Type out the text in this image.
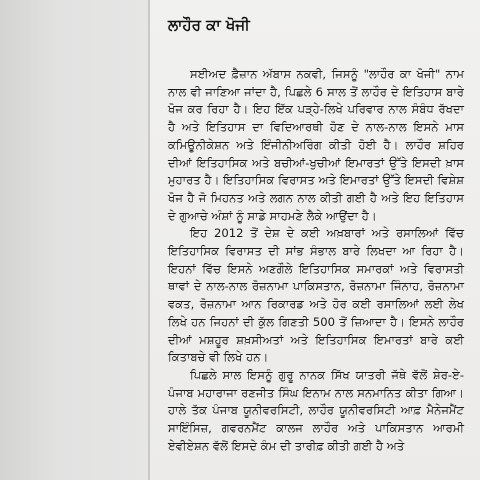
ਲਾਹੌਰ ਕਾ ਖੋਜੀ

ਸਈਅਦ ਫ਼ੈਜ਼ਾਨ ਅੱਬਾਸ ਨਕਵੀ, ਜਿਸਨੂੰ "ਲਾਹੌਰ ਕਾ ਖੋਜੀ" ਨਾਮ ਨਾਲ ਵੀ ਜਾਣਿਆ ਜਾਂਦਾ ਹੈ, ਪਿਛਲੇ 6 ਸਾਲ ਤੋਂ ਲਾਹੌਰ ਦੇ ਇਤਿਹਾਸ ਬਾਰੇ ਖੋਜ ਕਰ ਰਿਹਾ ਹੈ। ਇਹ ਇੱਕ ਪੜ੍ਹੇ-ਲਿਖੇ ਪਰਿਵਾਰ ਨਾਲ ਸੰਬੰਧ ਰੱਖਦਾ ਹੈ ਅਤੇ ਇਤਿਹਾਸ ਦਾ ਵਿਦਿਆਰਥੀ ਹੋਣ ਦੇ ਨਾਲ-ਨਾਲ ਇਸਨੇ ਮਾਸ ਕਮਿਊਨੀਕੇਸ਼ਨ ਅਤੇ ਇੰਜੀਨੀਅਰਿੰਗ ਕੀਤੀ ਹੋਈ ਹੈ। ਲਾਹੌਰ ਸ਼ਹਿਰ ਦੀਆਂ ਇਤਿਹਾਸਿਕ ਅਤੇ ਬਚੀਆਂ-ਖੁਚੀਆਂ ਇਮਾਰਤਾਂ ਉੱਤੇ ਇਸਦੀ ਖ਼ਾਸ ਮੁਹਾਰਤ ਹੈ। ਇਤਿਹਾਸਿਕ ਵਿਰਾਸਤ ਅਤੇ ਇਮਾਰਤਾਂ ਉੱਤੇ ਇਸਦੀ ਵਿਸ਼ੇਸ਼ ਖੋਜ ਹੈ ਜੋ ਮਿਹਨਤ ਅਤੇ ਲਗਨ ਨਾਲ ਕੀਤੀ ਗਈ ਹੈ ਅਤੇ ਇਹ ਇਤਿਹਾਸ ਦੇ ਗੁਆਚੇ ਅੰਸ਼ਾਂ ਨੂੰ ਸਾਡੇ ਸਾਹਮਣੇ ਲੈਕੇ ਆਉਂਦਾ ਹੈ।

ਇਹ 2012 ਤੋਂ ਦੇਸ਼ ਦੇ ਕਈ ਅਖ਼ਬਾਰਾਂ ਅਤੇ ਰਸਾਲਿਆਂ ਵਿੱਚ ਇਤਿਹਾਸਿਕ ਵਿਰਾਸਤ ਦੀ ਸਾਂਭ ਸੰਭਾਲ ਬਾਰੇ ਲਿਖਦਾ ਆ ਰਿਹਾ ਹੈ। ਇਹਨਾਂ ਵਿੱਚ ਇਸਨੇ ਅਣਗੌਲੇ ਇਤਿਹਾਸਿਕ ਸਮਾਰਕਾਂ ਅਤੇ ਵਿਰਾਸਤੀ ਥਾਵਾਂ ਦੇ ਨਾਲ-ਨਾਲ ਰੋਜ਼ਨਾਮਾ ਪਾਕਿਸਤਾਨ, ਰੋਜ਼ਨਾਮਾ ਜਿੰਨਾਹ, ਰੋਜ਼ਨਾਮਾ ਵਕਤ, ਰੋਜ਼ਨਾਮਾ ਆਨ ਰਿਕਾਰਡ ਅਤੇ ਹੋਰ ਕਈ ਰਸਾਲਿਆਂ ਲਈ ਲੇਖ ਲਿਖੇ ਹਨ ਜਿਹਨਾਂ ਦੀ ਕੁੱਲ ਗਿਣਤੀ 500 ਤੋਂ ਜ਼ਿਆਦਾ ਹੈ। ਇਸਨੇ ਲਾਹੌਰ ਦੀਆਂ ਮਸ਼ਹੂਰ ਸ਼ਖ਼ਸੀਅਤਾਂ ਅਤੇ ਇਤਿਹਾਸਿਕ ਇਮਾਰਤਾਂ ਬਾਰੇ ਕਈ ਕਿਤਾਬਚੇ ਵੀ ਲਿਖੇ ਹਨ।

ਪਿਛਲੇ ਸਾਲ ਇਸਨੂੰ ਗੁਰੂ ਨਾਨਕ ਸਿੱਖ ਯਾਤਰੀ ਜੱਥੇ ਵੱਲੋਂ ਸ਼ੇਰ-ਏ-ਪੰਜਾਬ ਮਹਾਰਾਜਾ ਰਣਜੀਤ ਸਿੰਘ ਇਨਾਮ ਨਾਲ ਸਨਮਾਨਿਤ ਕੀਤਾ ਗਿਆ। ਹਾਲੇ ਤੱਕ ਪੰਜਾਬ ਯੂਨੀਵਰਸਿਟੀ, ਲਾਹੌਰ ਯੂਨੀਵਰਸਿਟੀ ਆਫ਼ ਮੈਨੇਜਮੈਂਟ ਸਾਇੰਸਿਜ਼, ਗਵਰਨਮੈਂਟ ਕਾਲਜ ਲਾਹੌਰ ਅਤੇ ਪਾਕਿਸਤਾਨ ਆਰਮੀ ਏਵੀਏਸ਼ਨ ਵੱਲੋਂ ਇਸਦੇ ਕੰਮ ਦੀ ਤਾਰੀਫ਼ ਕੀਤੀ ਗਈ ਹੈ ਅਤੇ
